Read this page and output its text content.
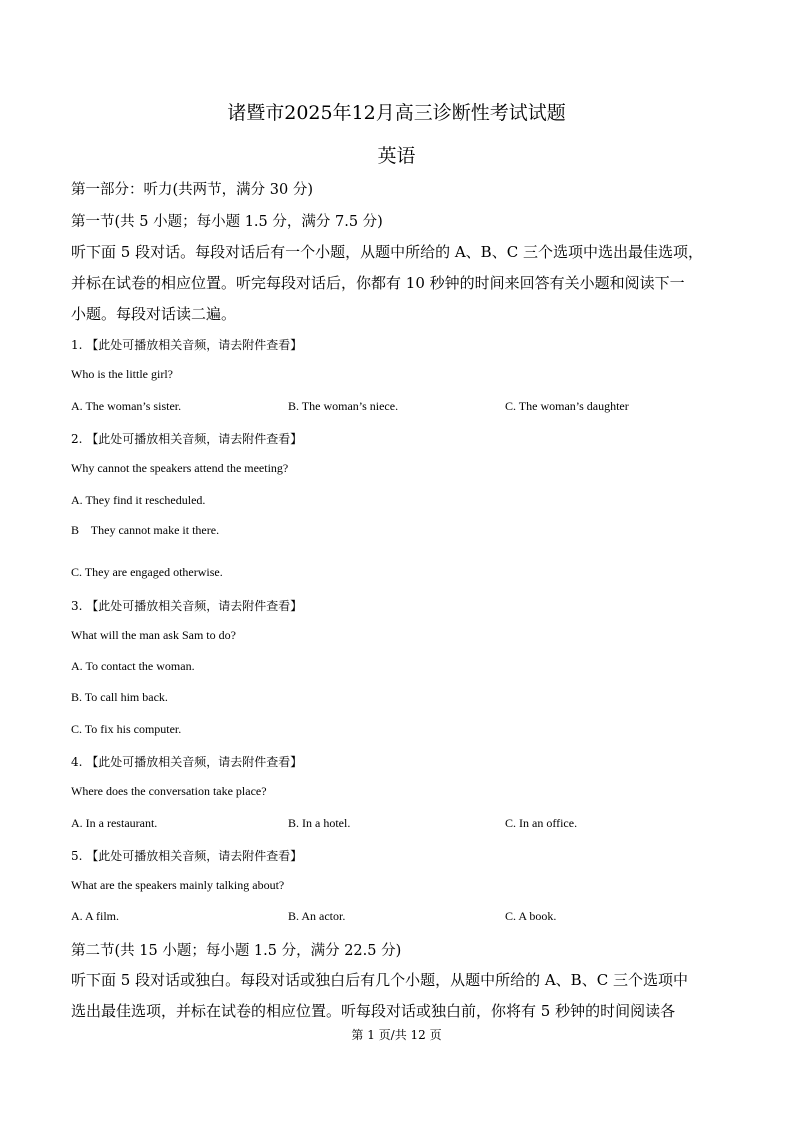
诸暨市2025年12月高三诊断性考试试题
英语
第一部分：听力(共两节，满分 30 分)
第一节(共 5 小题；每小题 1.5 分，满分 7.5 分)
听下面 5 段对话。每段对话后有一个小题，从题中所给的 A、B、C 三个选项中选出最佳选项，
并标在试卷的相应位置。听完每段对话后，你都有 10 秒钟的时间来回答有关小题和阅读下一
小题。每段对话读二遍。
1. 【此处可播放相关音频，请去附件查看】
Who is the little girl?
A. The woman’s sister.	B. The woman’s niece.	C. The woman’s daughter
2. 【此处可播放相关音频，请去附件查看】
Why cannot the speakers attend the meeting?
A. They find it rescheduled.
B    They cannot make it there.
C. They are engaged otherwise.
3. 【此处可播放相关音频，请去附件查看】
What will the man ask Sam to do?
A. To contact the woman.
B. To call him back.
C. To fix his computer.
4. 【此处可播放相关音频，请去附件查看】
Where does the conversation take place?
A. In a restaurant.	B. In a hotel.	C. In an office.
5. 【此处可播放相关音频，请去附件查看】
What are the speakers mainly talking about?
A. A film.	B. An actor.	C. A book.
第二节(共 15 小题；每小题 1.5 分，满分 22.5 分)
听下面 5 段对话或独白。每段对话或独白后有几个小题，从题中所给的 A、B、C 三个选项中
选出最佳选项，并标在试卷的相应位置。听每段对话或独白前，你将有 5 秒钟的时间阅读各
第 1 页/共 12 页
